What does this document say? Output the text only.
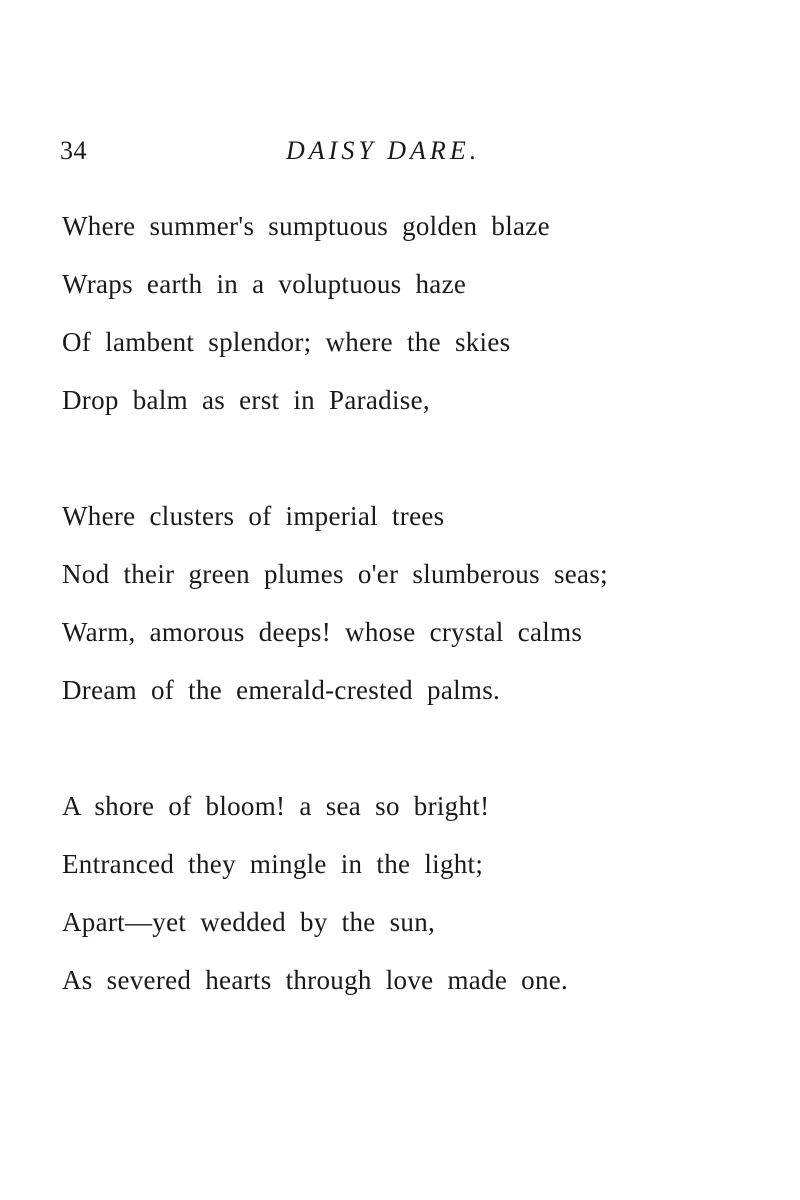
34	DAISY DARE.
Where summer's sumptuous golden blaze
Wraps earth in a voluptuous haze
Of lambent splendor; where the skies
Drop balm as erst in Paradise,
Where clusters of imperial trees
Nod their green plumes o'er slumberous seas;
Warm, amorous deeps! whose crystal calms
Dream of the emerald-crested palms.
A shore of bloom! a sea so bright!
Entranced they mingle in the light;
Apart—yet wedded by the sun,
As severed hearts through love made one.
